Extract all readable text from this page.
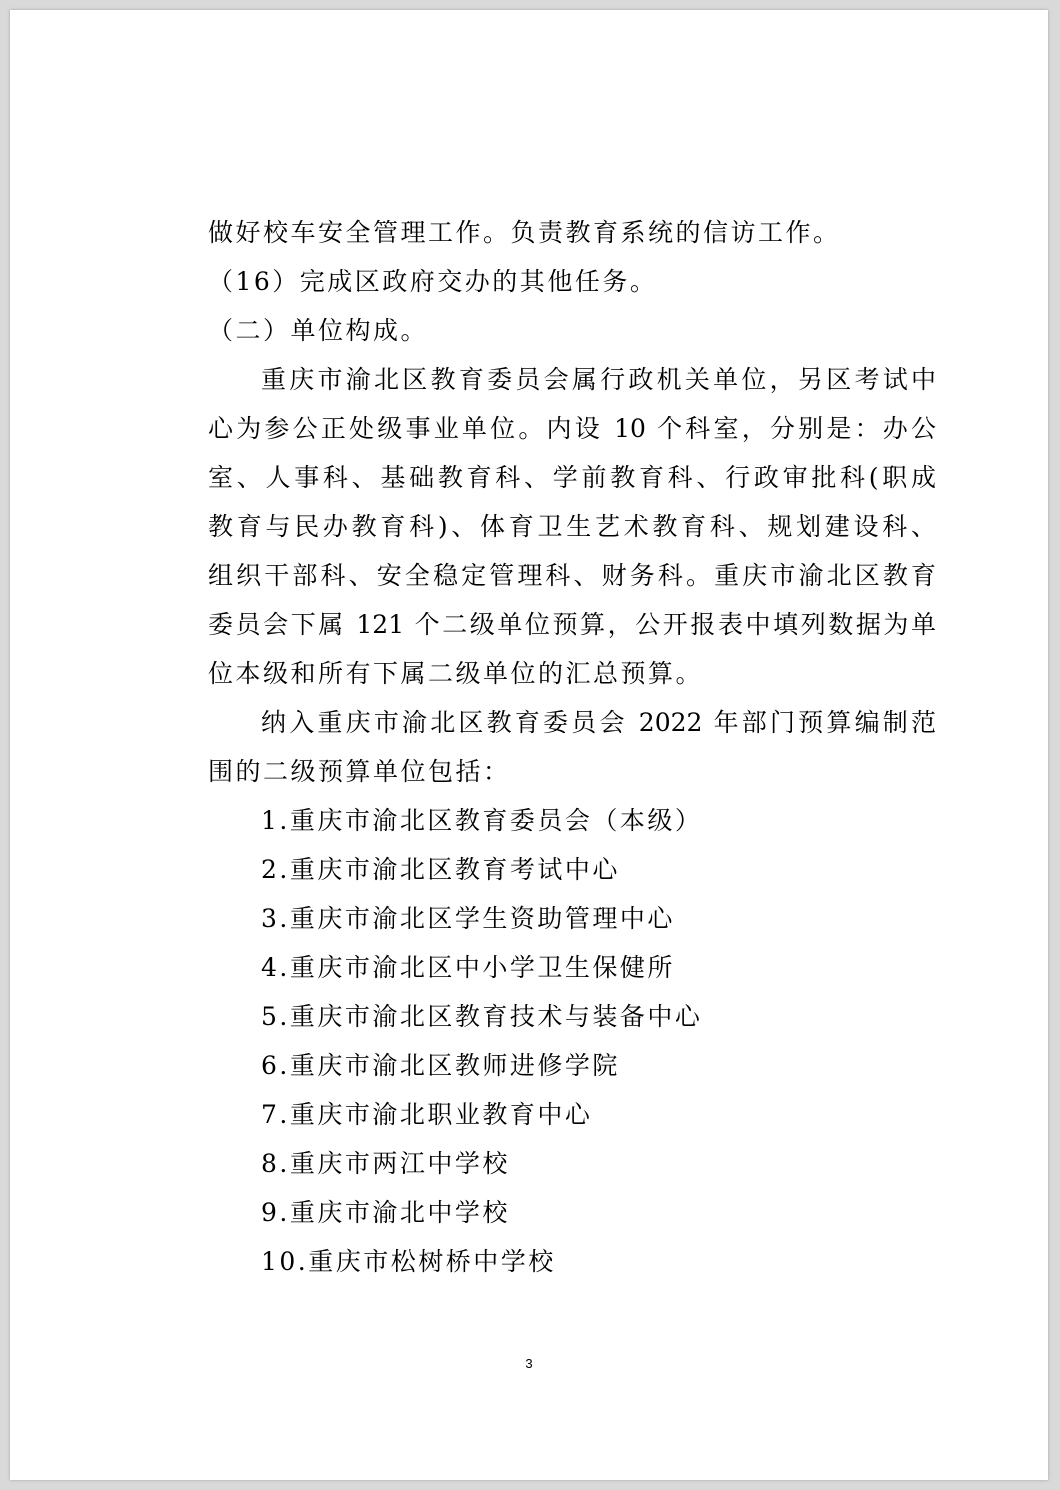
做好校车安全管理工作。负责教育系统的信访工作。
（16）完成区政府交办的其他任务。
（二）单位构成。
重庆市渝北区教育委员会属行政机关单位，另区考试中
心为参公正处级事业单位。内设 10 个科室，分别是：办公
室、人事科、基础教育科、学前教育科、行政审批科(职成
教育与民办教育科)、体育卫生艺术教育科、规划建设科、
组织干部科、安全稳定管理科、财务科。重庆市渝北区教育
委员会下属 121 个二级单位预算，公开报表中填列数据为单
位本级和所有下属二级单位的汇总预算。
纳入重庆市渝北区教育委员会 2022 年部门预算编制范
围的二级预算单位包括：
1.重庆市渝北区教育委员会（本级）
2.重庆市渝北区教育考试中心
3.重庆市渝北区学生资助管理中心
4.重庆市渝北区中小学卫生保健所
5.重庆市渝北区教育技术与装备中心
6.重庆市渝北区教师进修学院
7.重庆市渝北职业教育中心
8.重庆市两江中学校
9.重庆市渝北中学校
10.重庆市松树桥中学校
3
